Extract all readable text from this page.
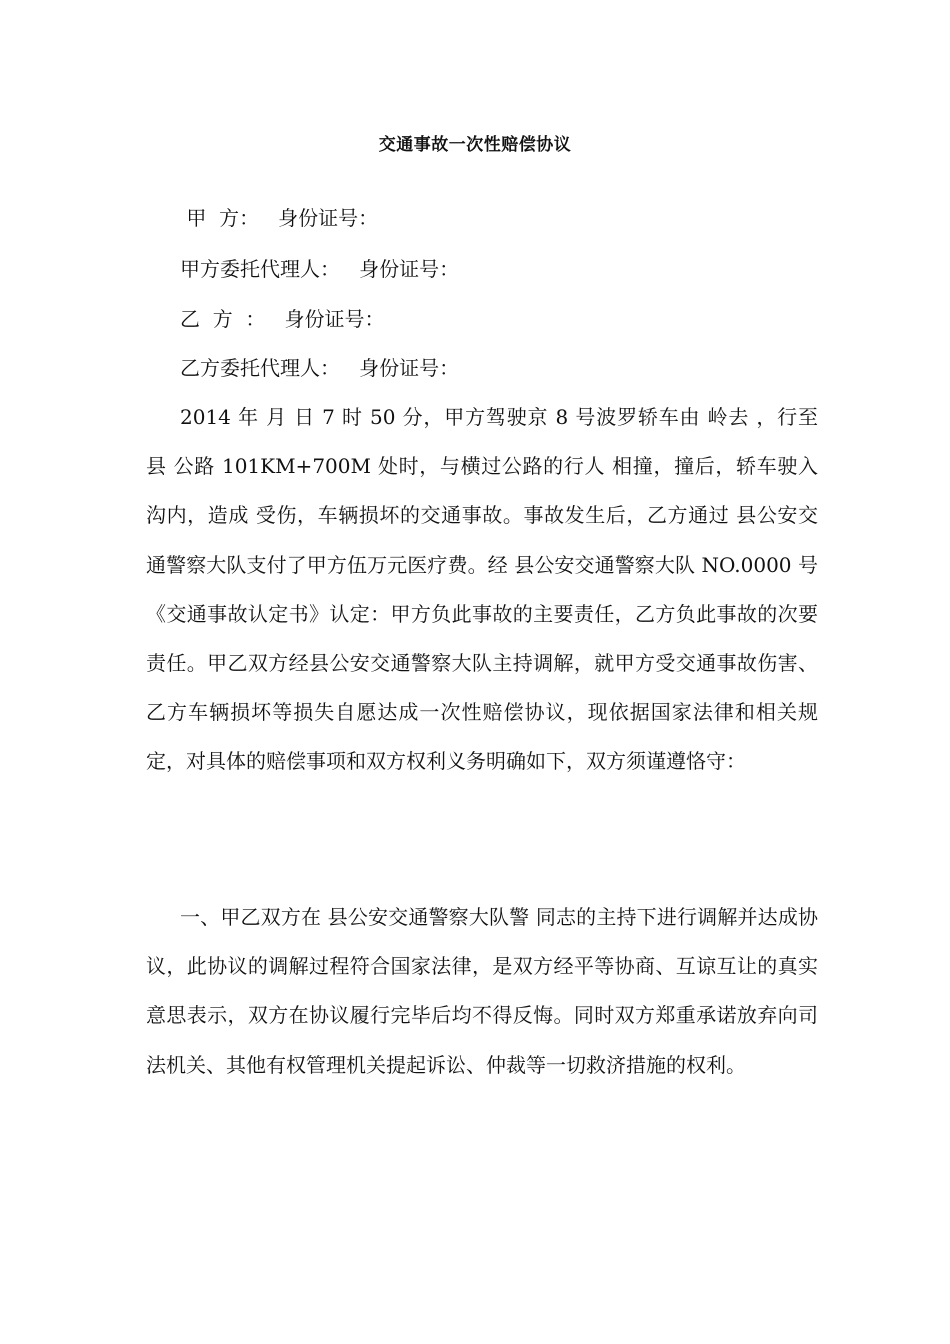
交通事故一次性赔偿协议
甲  方：   身份证号：
甲方委托代理人：   身份证号：
乙  方  ：   身份证号：
乙方委托代理人：   身份证号：
2014 年 月 日 7 时 50 分，甲方驾驶京 8 号波罗轿车由 岭去 ，行至 县 公路 101KM+700M 处时，与横过公路的行人 相撞，撞后，轿车驶入沟内，造成 受伤，车辆损坏的交通事故。事故发生后，乙方通过 县公安交通警察大队支付了甲方伍万元医疗费。经 县公安交通警察大队 NO.0000 号《交通事故认定书》认定：甲方负此事故的主要责任，乙方负此事故的次要责任。甲乙双方经县公安交通警察大队主持调解，就甲方受交通事故伤害、乙方车辆损坏等损失自愿达成一次性赔偿协议，现依据国家法律和相关规定，对具体的赔偿事项和双方权利义务明确如下，双方须谨遵恪守：
一、甲乙双方在 县公安交通警察大队警 同志的主持下进行调解并达成协议，此协议的调解过程符合国家法律，是双方经平等协商、互谅互让的真实意思表示，双方在协议履行完毕后均不得反悔。同时双方郑重承诺放弃向司法机关、其他有权管理机关提起诉讼、仲裁等一切救济措施的权利。
